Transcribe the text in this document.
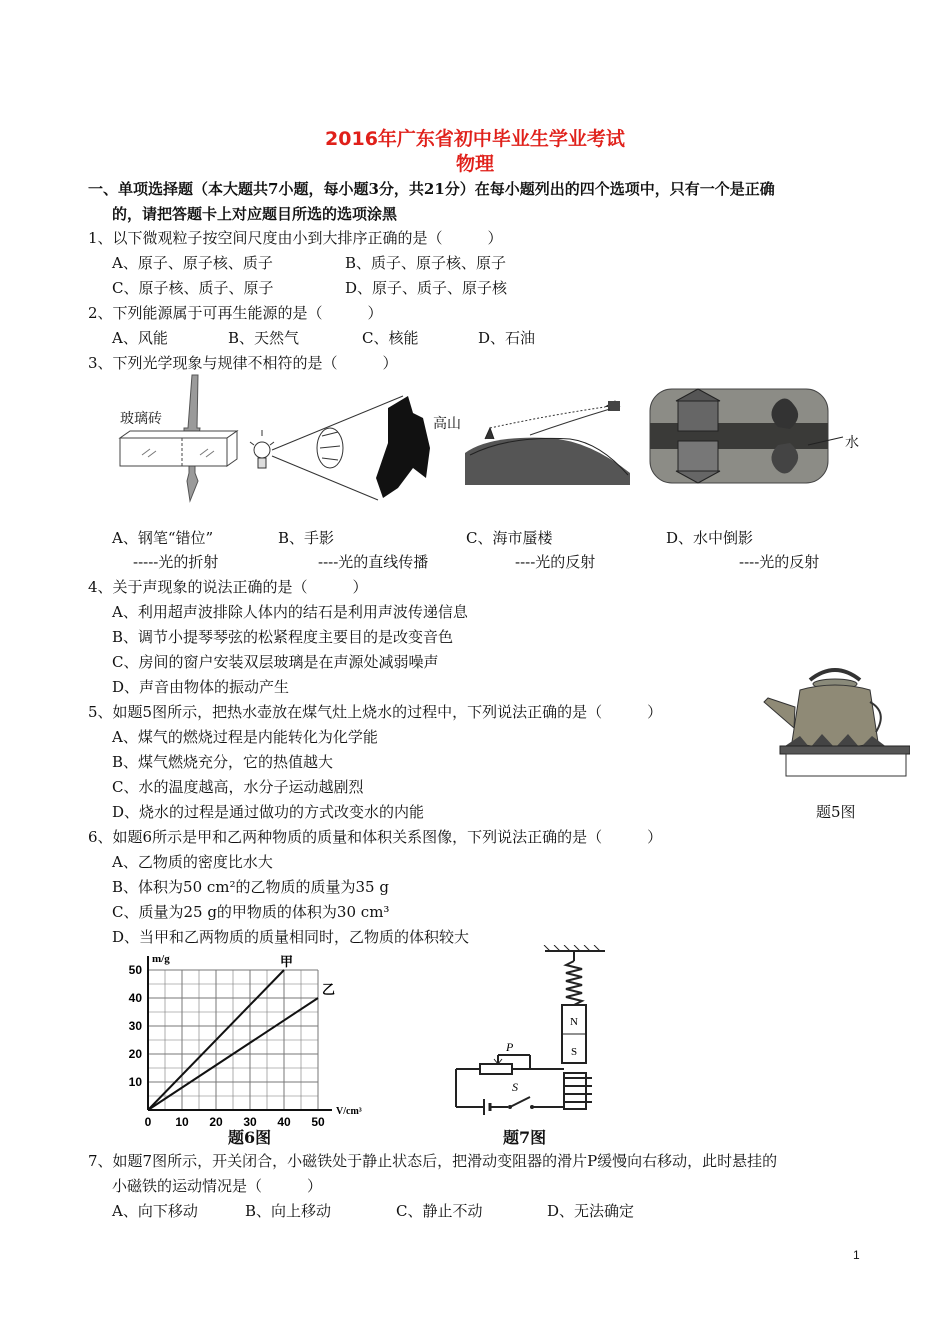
2016年广东省初中毕业生学业考试
物理
一、单项选择题（本大题共7小题，每小题3分，共21分）在每小题列出的四个选项中，只有一个是正确
的，请把答题卡上对应题目所选的选项涂黑
1、以下微观粒子按空间尺度由小到大排序正确的是（　　　）
A、原子、原子核、质子	B、质子、原子核、原子
C、原子核、质子、原子	D、原子、质子、原子核
2、下列能源属于可再生能源的是（　　　）
A、风能	B、天然气	C、核能	D、石油
3、下列光学现象与规律不相符的是（　　　）
玻璃砖	高山
水
A、钢笔“错位”	B、手影	C、海市蜃楼	D、水中倒影
-----光的折射	----光的直线传播	----光的反射	----光的反射
4、关于声现象的说法正确的是（　　　）
A、利用超声波排除人体内的结石是利用声波传递信息
B、调节小提琴琴弦的松紧程度主要目的是改变音色
C、房间的窗户安装双层玻璃是在声源处减弱噪声
D、声音由物体的振动产生
5、如题5图所示，把热水壶放在煤气灶上烧水的过程中，下列说法正确的是（　　　）
A、煤气的燃烧过程是内能转化为化学能
B、煤气燃烧充分，它的热值越大
C、水的温度越高，水分子运动越剧烈
D、烧水的过程是通过做功的方式改变水的内能	题5图
6、如题6所示是甲和乙两种物质的质量和体积关系图像，下列说法正确的是（　　　）
A、乙物质的密度比水大
B、体积为50 cm²的乙物质的质量为35 g
C、质量为25 g的甲物质的体积为30 cm³
D、当甲和乙两物质的质量相同时，乙物质的体积较大
m/g
V/cm³
0 10 20 30 40 50
10
20
30
40
50	甲
乙
题6图
N
S
P
S
题7图
7、如题7图所示，开关闭合，小磁铁处于静止状态后，把滑动变阻器的滑片P缓慢向右移动，此时悬挂的
小磁铁的运动情况是（　　　）
A、向下移动	B、向上移动	C、静止不动	D、无法确定
1
